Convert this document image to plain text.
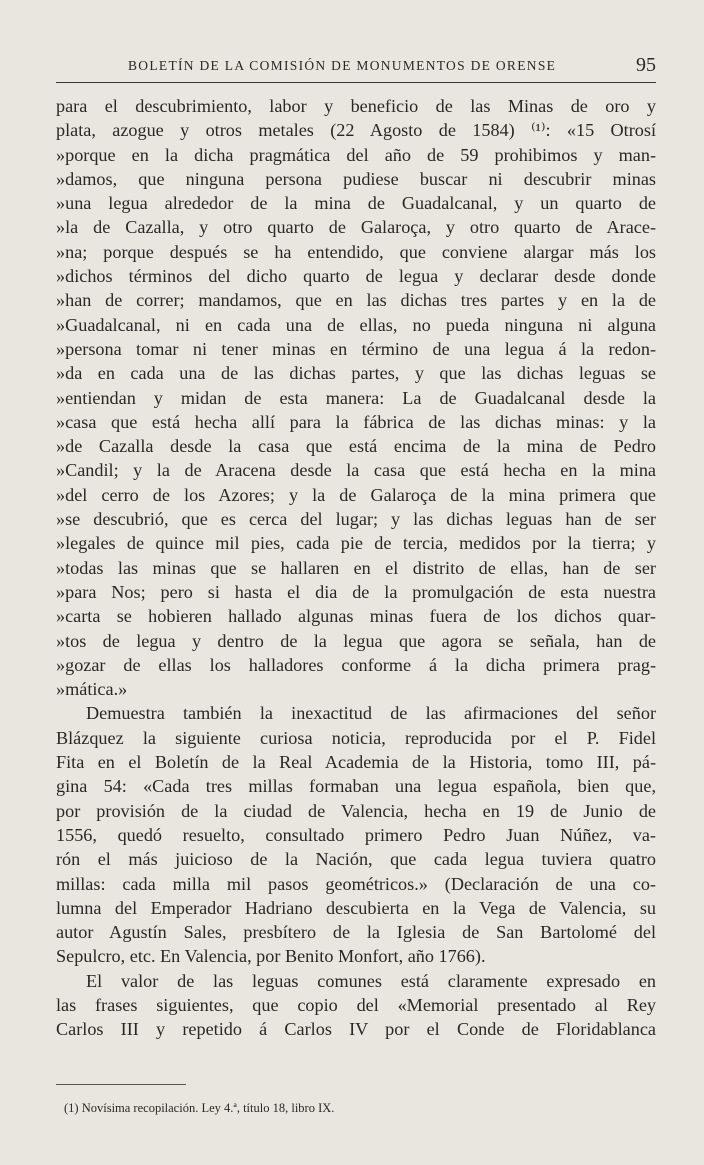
BOLETÍN DE LA COMISIÓN DE MONUMENTOS DE ORENSE	95
para el descubrimiento, labor y beneficio de las Minas de oro y
plata, azogue y otros metales (22 Agosto de 1584) ⁽¹⁾: «15 Otrosí
»porque en la dicha pragmática del año de 59 prohibimos y man-
»damos, que ninguna persona pudiese buscar ni descubrir minas
»una legua alrededor de la mina de Guadalcanal, y un quarto de
»la de Cazalla, y otro quarto de Galaroça, y otro quarto de Arace-
»na; porque después se ha entendido, que conviene alargar más los
»dichos términos del dicho quarto de legua y declarar desde donde
»han de correr; mandamos, que en las dichas tres partes y en la de
»Guadalcanal, ni en cada una de ellas, no pueda ninguna ni alguna
»persona tomar ni tener minas en término de una legua á la redon-
»da en cada una de las dichas partes, y que las dichas leguas se
»entiendan y midan de esta manera: La de Guadalcanal desde la
»casa que está hecha allí para la fábrica de las dichas minas: y la
»de Cazalla desde la casa que está encima de la mina de Pedro
»Candil; y la de Aracena desde la casa que está hecha en la mina
»del cerro de los Azores; y la de Galaroça de la mina primera que
»se descubrió, que es cerca del lugar; y las dichas leguas han de ser
»legales de quince mil pies, cada pie de tercia, medidos por la tierra; y
»todas las minas que se hallaren en el distrito de ellas, han de ser
»para Nos; pero si hasta el dia de la promulgación de esta nuestra
»carta se hobieren hallado algunas minas fuera de los dichos quar-
»tos de legua y dentro de la legua que agora se señala, han de
»gozar de ellas los halladores conforme á la dicha primera prag-
»mática.»
Demuestra también la inexactitud de las afirmaciones del señor
Blázquez la siguiente curiosa noticia, reproducida por el P. Fidel
Fita en el Boletín de la Real Academia de la Historia, tomo III, pá-
gina 54: «Cada tres millas formaban una legua española, bien que,
por provisión de la ciudad de Valencia, hecha en 19 de Junio de
1556, quedó resuelto, consultado primero Pedro Juan Núñez, va-
rón el más juicioso de la Nación, que cada legua tuviera quatro
millas: cada milla mil pasos geométricos.» (Declaración de una co-
lumna del Emperador Hadriano descubierta en la Vega de Valencia, su
autor Agustín Sales, presbítero de la Iglesia de San Bartolomé del
Sepulcro, etc. En Valencia, por Benito Monfort, año 1766).
El valor de las leguas comunes está claramente expresado en
las frases siguientes, que copio del «Memorial presentado al Rey
Carlos III y repetido á Carlos IV por el Conde de Floridablanca
(1) Novísima recopilación. Ley 4.ª, título 18, libro IX.
